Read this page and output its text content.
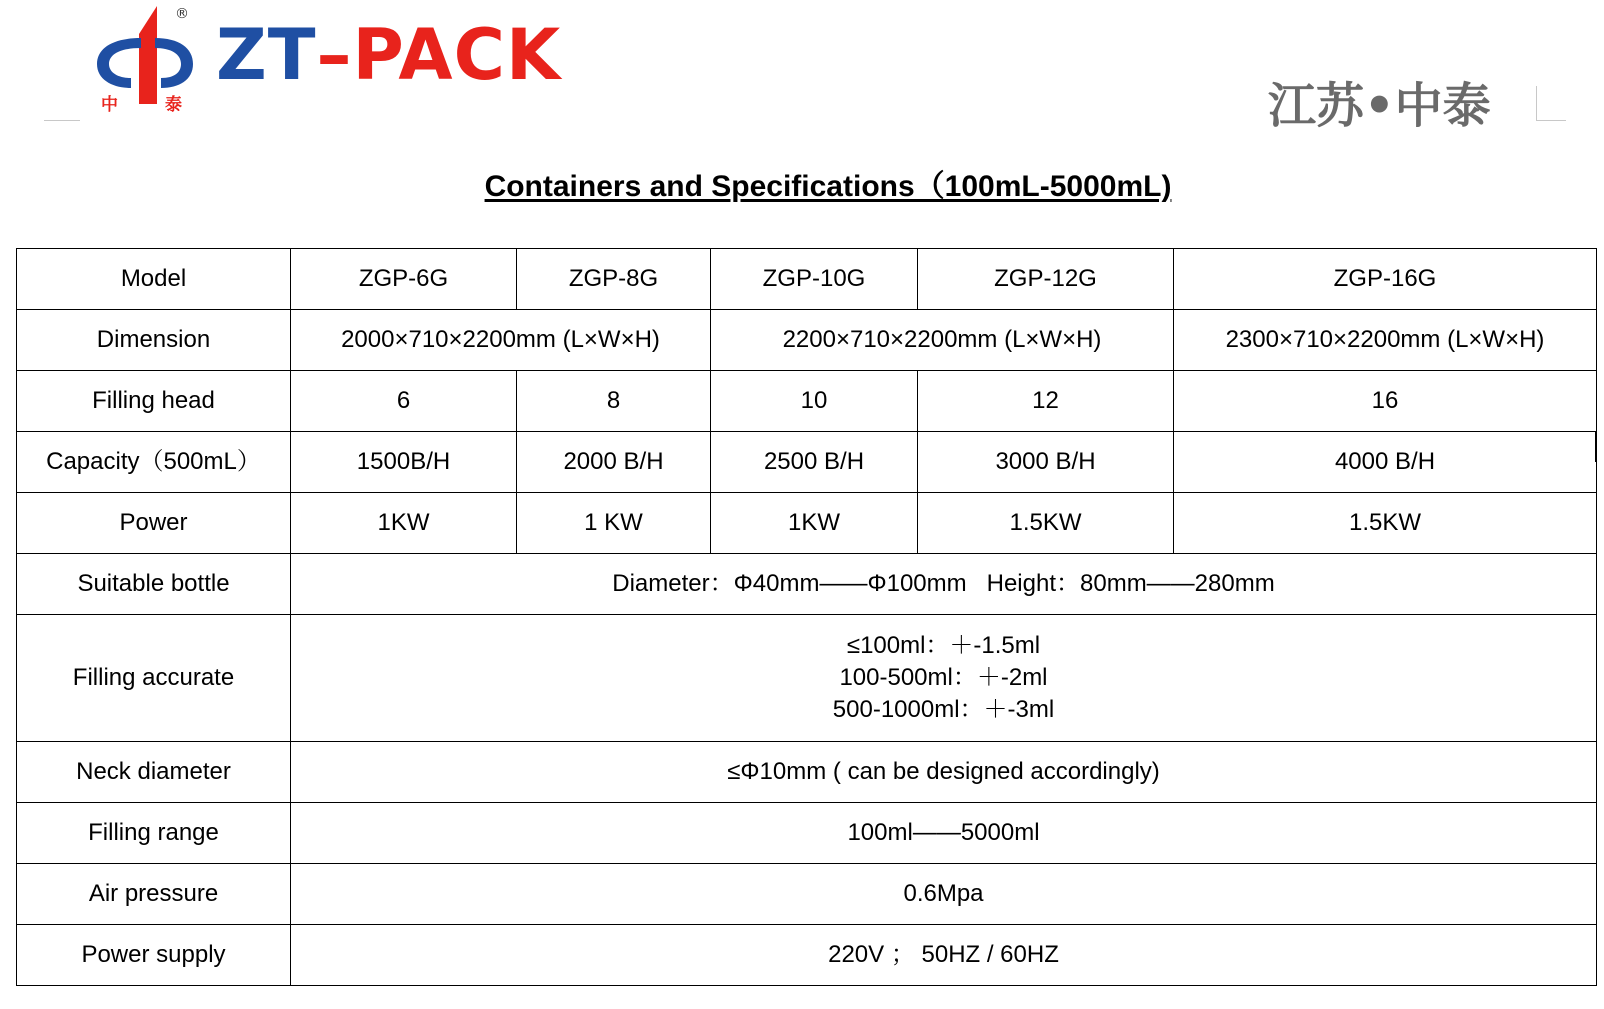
中	泰
® ZT–PACK
江苏•中泰
Containers and Specifications（100mL-5000mL)
Model	ZGP-6G	ZGP-8G	ZGP-10G	ZGP-12G	ZGP-16G
Dimension	2000×710×2200mm (L×W×H)		2200×710×2200mm (L×W×H)		2300×710×2200mm (L×W×H)
Filling head	6	8	10	12	16
Capacity（500mL）	1500B/H	2000 B/H	2500 B/H	3000 B/H	4000 B/H
Power	1KW	1 KW	1KW	1.5KW	1.5KW
Suitable bottle	Diameter：Φ40mm——Φ100mm   Height：80mm——280mm				
Filling accurate	≤100ml：＋-1.5ml
100-500ml：＋-2ml
500-1000ml：＋-3ml				

Neck diameter	≤Φ10mm ( can be designed accordingly)				
Filling range	100ml——5000ml				
Air pressure	0.6Mpa				
Power supply	220V ； 50HZ / 60HZ				
